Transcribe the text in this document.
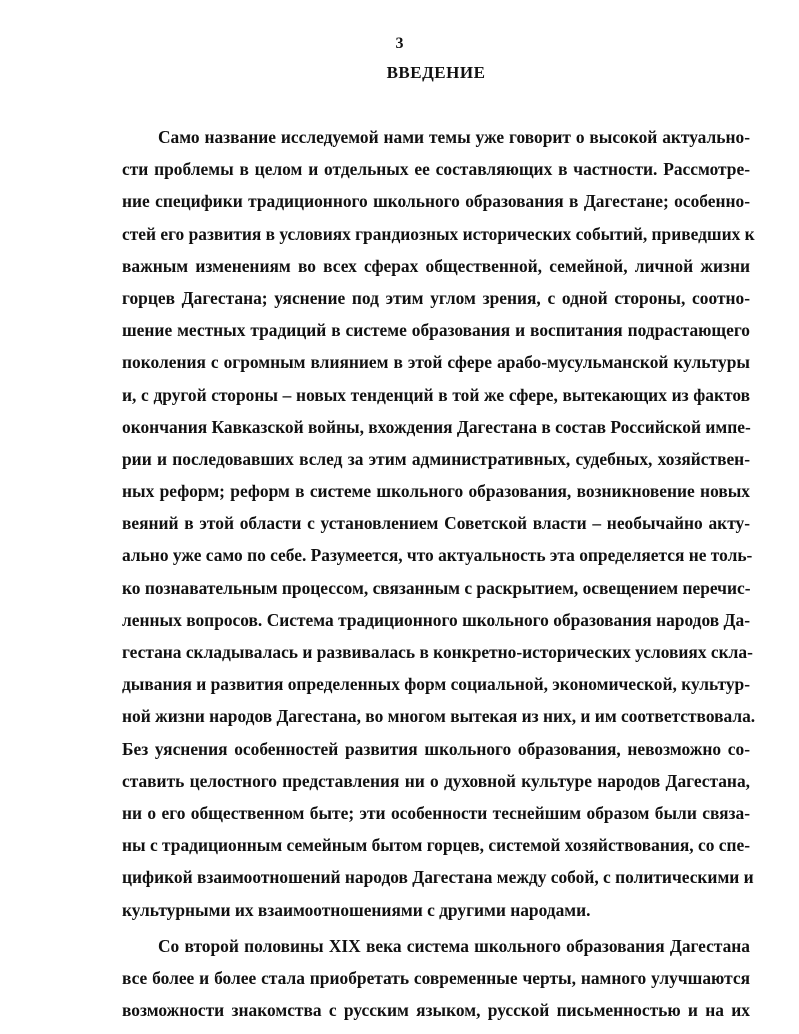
3
ВВЕДЕНИЕ
Само название исследуемой нами темы уже говорит о высокой актуально-
сти проблемы в целом и отдельных ее составляющих в частности. Рассмотре-
ние специфики традиционного школьного образования в Дагестане; особенно-
стей его развития в условиях грандиозных исторических событий, приведших к
важным изменениям во всех сферах общественной, семейной, личной жизни
горцев Дагестана; уяснение под этим углом зрения, с одной стороны, соотно-
шение местных традиций в системе образования и воспитания подрастающего
поколения с огромным влиянием в этой сфере арабо-мусульманской культуры
и, с другой стороны – новых тенденций в той же сфере, вытекающих из фактов
окончания Кавказской войны, вхождения Дагестана в состав Российской импе-
рии и последовавших вслед за этим административных, судебных, хозяйствен-
ных реформ; реформ в системе школьного образования, возникновение новых
веяний в этой области с установлением Советской власти – необычайно акту-
ально уже само по себе. Разумеется, что актуальность эта определяется не толь-
ко познавательным процессом, связанным с раскрытием, освещением перечис-
ленных вопросов. Система традиционного школьного образования народов Да-
гестана складывалась и развивалась в конкретно-исторических условиях скла-
дывания и развития определенных форм социальной, экономической, культур-
ной жизни народов Дагестана, во многом вытекая из них, и им соответствовала.
Без уяснения особенностей развития школьного образования, невозможно со-
ставить целостного представления ни о духовной культуре народов Дагестана,
ни о его общественном быте; эти особенности теснейшим образом были связа-
ны с традиционным семейным бытом горцев, системой хозяйствования, со спе-
цификой взаимоотношений народов Дагестана между собой, с политическими и
культурными их взаимоотношениями с другими народами.
Со второй половины XIX века система школьного образования Дагестана
все более и более стала приобретать современные черты, намного улучшаются
возможности знакомства с русским языком, русской письменностью и на их
